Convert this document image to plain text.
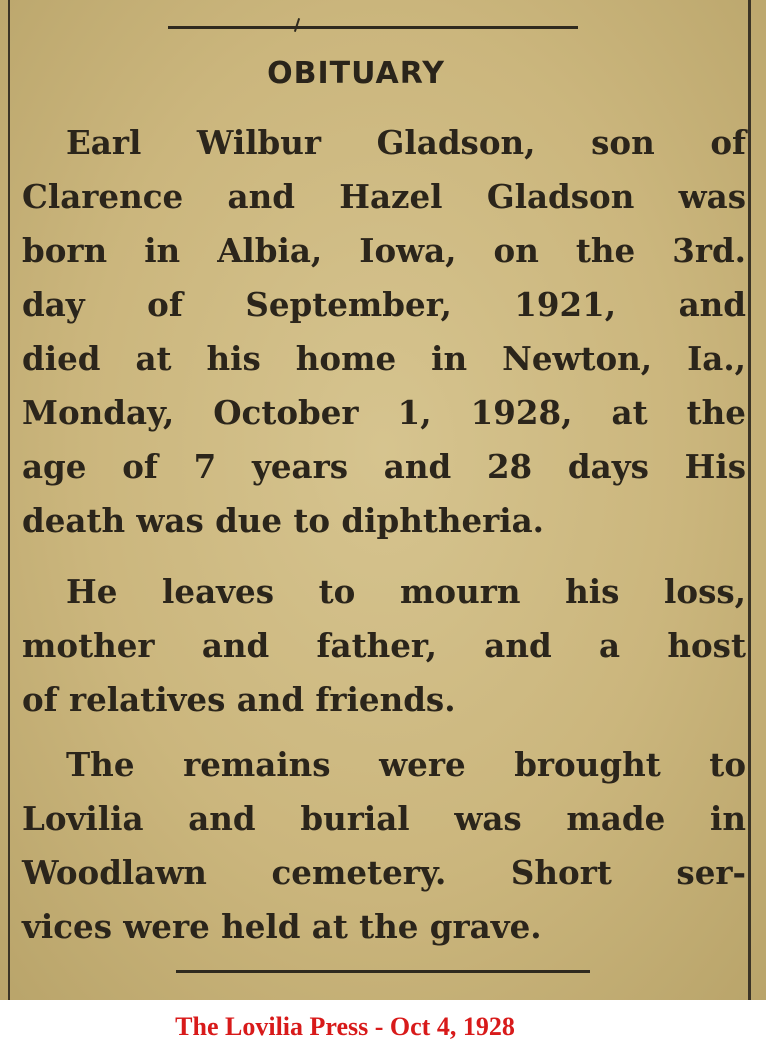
OBITUARY
Earl Wilbur Gladson, son of
Clarence and Hazel Gladson was
born in Albia, Iowa, on the 3rd.
day of September, 1921, and
died at his home in Newton, Ia.,
Monday, October 1, 1928, at the
age of 7 years and 28 days His
death was due to diphtheria.
He leaves to mourn his loss,
mother and father, and a host
of relatives and friends.
The remains were brought to
Lovilia and burial was made in
Woodlawn cemetery. Short ser-
vices were held at the grave.
The Lovilia Press - Oct 4, 1928
